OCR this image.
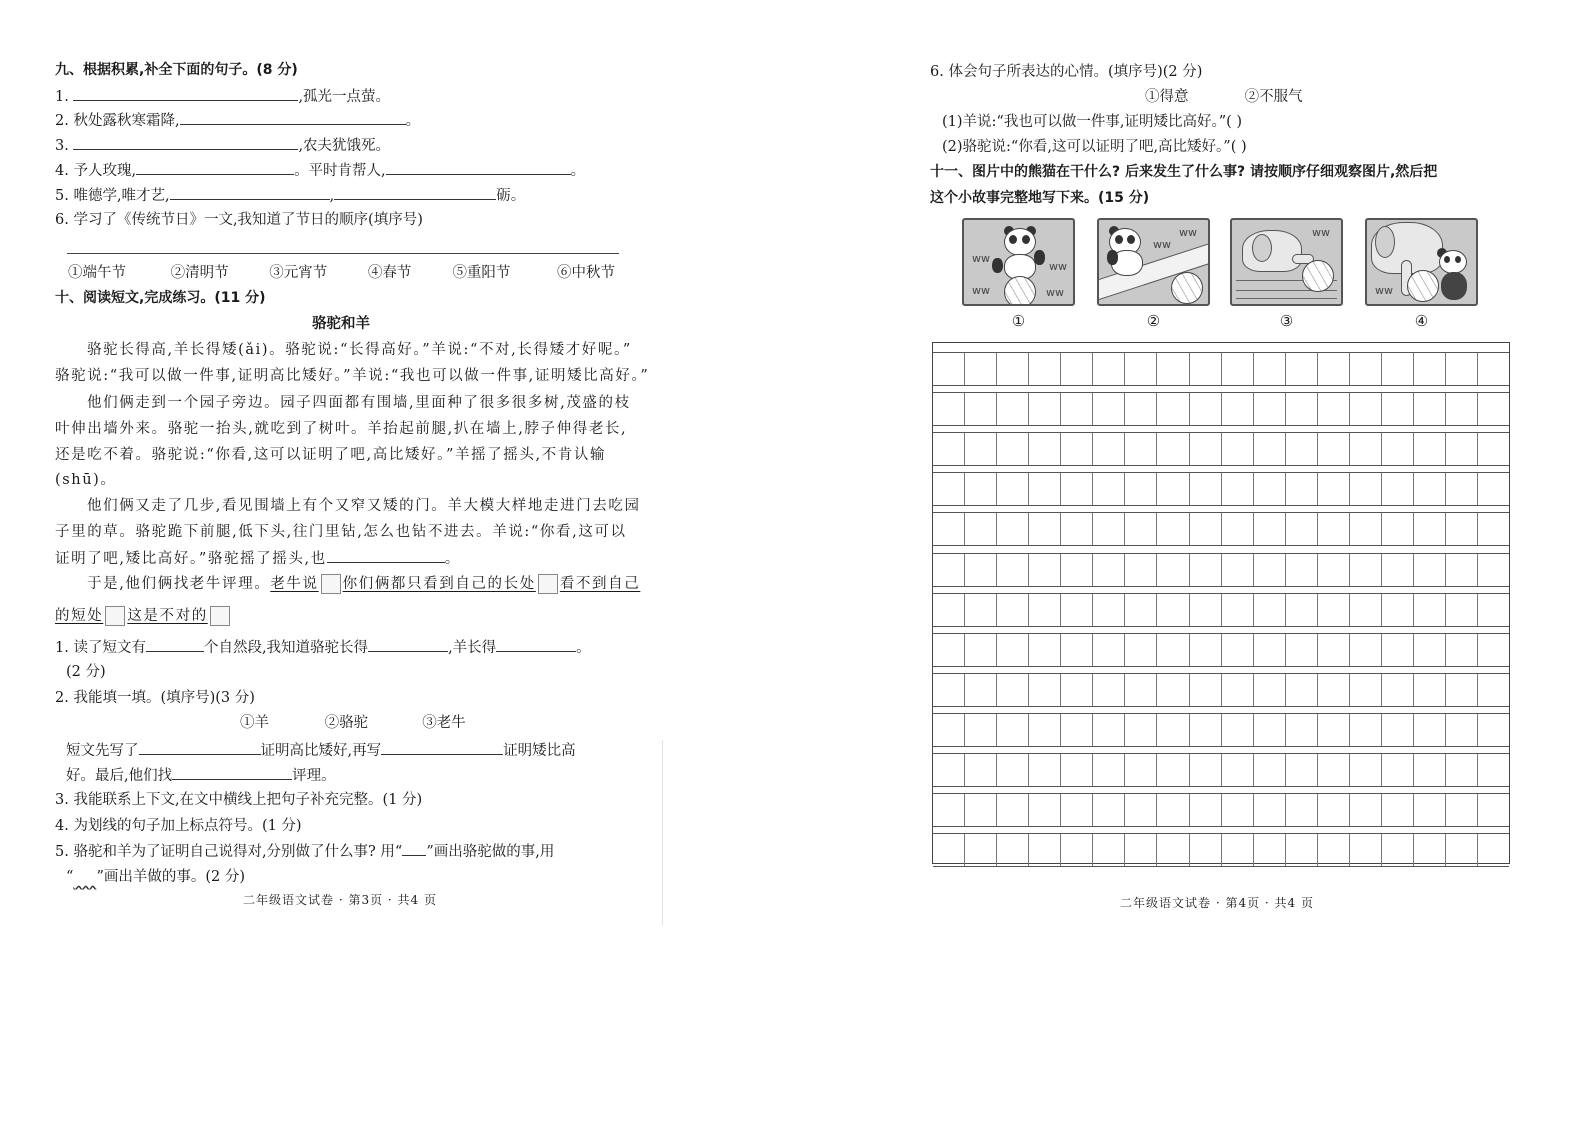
九、根据积累,补全下面的句子。(8 分)
1.	,孤光一点萤。
2. 秋处露秋寒霜降,	。
3.	,农夫犹饿死。
4. 予人玫瑰,	。平时肯帮人,	。
5. 唯德学,唯才艺,	,	砺。
6. 学习了《传统节日》一文,我知道了节日的顺序(填序号)
①端午节	②清明节	③元宵节	④春节	⑤重阳节	⑥中秋节
十、阅读短文,完成练习。(11 分)
骆驼和羊
骆驼长得高,羊长得矮(ǎi)。骆驼说:“长得高好。”羊说:“不对,长得矮才好呢。”
骆驼说:“我可以做一件事,证明高比矮好。”羊说:“我也可以做一件事,证明矮比高好。”
他们俩走到一个园子旁边。园子四面都有围墙,里面种了很多很多树,茂盛的枝
叶伸出墙外来。骆驼一抬头,就吃到了树叶。羊抬起前腿,扒在墙上,脖子伸得老长,
还是吃不着。骆驼说:“你看,这可以证明了吧,高比矮好。”羊摇了摇头,不肯认输
(shū)。
他们俩又走了几步,看见围墙上有个又窄又矮的门。羊大模大样地走进门去吃园
子里的草。骆驼跪下前腿,低下头,往门里钻,怎么也钻不进去。羊说:“你看,这可以
证明了吧,矮比高好。”骆驼摇了摇头,也	。
于是,他们俩找老牛评理。老牛说 你们俩都只看到自己的长处 看不到自己
的短处 这是不对的
1. 读了短文有	个自然段,我知道骆驼长得	,羊长得	。
(2 分)
2. 我能填一填。(填序号)(3 分)
①羊	②骆驼	③老牛
短文先写了	证明高比矮好,再写	证明矮比高
好。最后,他们找	评理。
3. 我能联系上下文,在文中横线上把句子补充完整。(1 分)
4. 为划线的句子加上标点符号。(1 分)
5. 骆驼和羊为了证明自己说得对,分别做了什么事? 用“ ”画出骆驼做的事,用
“ ”画出羊做的事。(2 分)
二年级语文试卷 · 第3页 · 共4 页
6. 体会句子所表达的心情。(填序号)(2 分)
①得意	②不服气
(1)羊说:“我也可以做一件事,证明矮比高好。”( )
(2)骆驼说:“你看,这可以证明了吧,高比矮好。”( )
十一、图片中的熊猫在干什么? 后来发生了什么事? 请按顺序仔细观察图片,然后把
这个小故事完整地写下来。(15 分)
ᴡᴡ
ᴡᴡ
ᴡᴡ	ᴡᴡ
①
ᴡᴡ
ᴡᴡ
②
ᴡᴡ
③
ᴡᴡ
④
二年级语文试卷 · 第4页 · 共4 页
